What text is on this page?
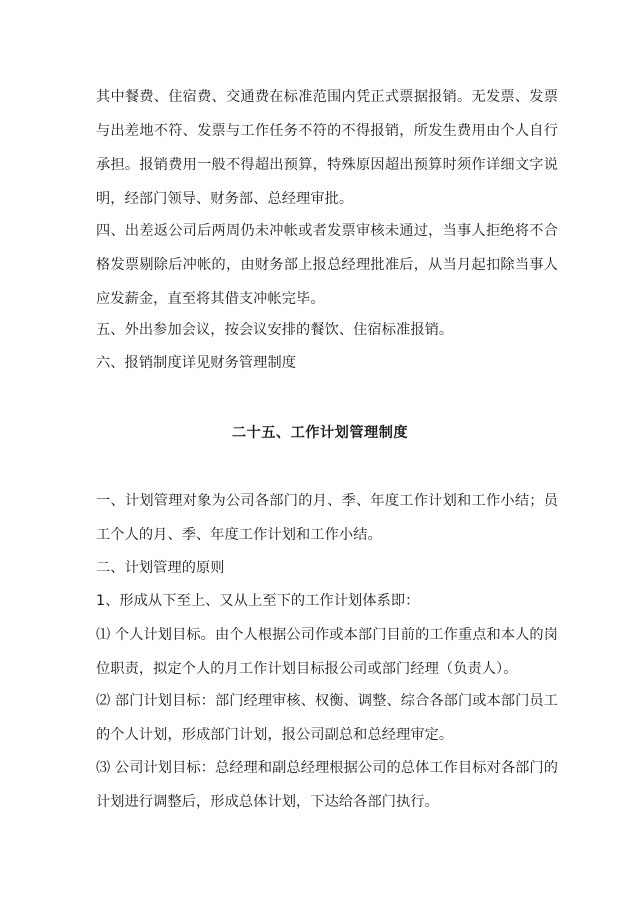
其中餐费、住宿费、交通费在标准范围内凭正式票据报销。无发票、发票与出差地不符、发票与工作任务不符的不得报销，所发生费用由个人自行承担。报销费用一般不得超出预算，特殊原因超出预算时须作详细文字说明，经部门领导、财务部、总经理审批。

四、出差返公司后两周仍未冲帐或者发票审核未通过，当事人拒绝将不合格发票剔除后冲帐的，由财务部上报总经理批准后，从当月起扣除当事人应发薪金，直至将其借支冲帐完毕。

五、外出参加会议，按会议安排的餐饮、住宿标准报销。

六、报销制度详见财务管理制度

二十五、工作计划管理制度

一、计划管理对象为公司各部门的月、季、年度工作计划和工作小结；员工个人的月、季、年度工作计划和工作小结。

二、计划管理的原则

1、形成从下至上、又从上至下的工作计划体系即：

⑴ 个人计划目标。由个人根据公司作或本部门目前的工作重点和本人的岗位职责，拟定个人的月工作计划目标报公司或部门经理（负责人）。

⑵ 部门计划目标：部门经理审核、权衡、调整、综合各部门或本部门员工的个人计划，形成部门计划，报公司副总和总经理审定。

⑶ 公司计划目标：总经理和副总经理根据公司的总体工作目标对各部门的计划进行调整后，形成总体计划，下达给各部门执行。
